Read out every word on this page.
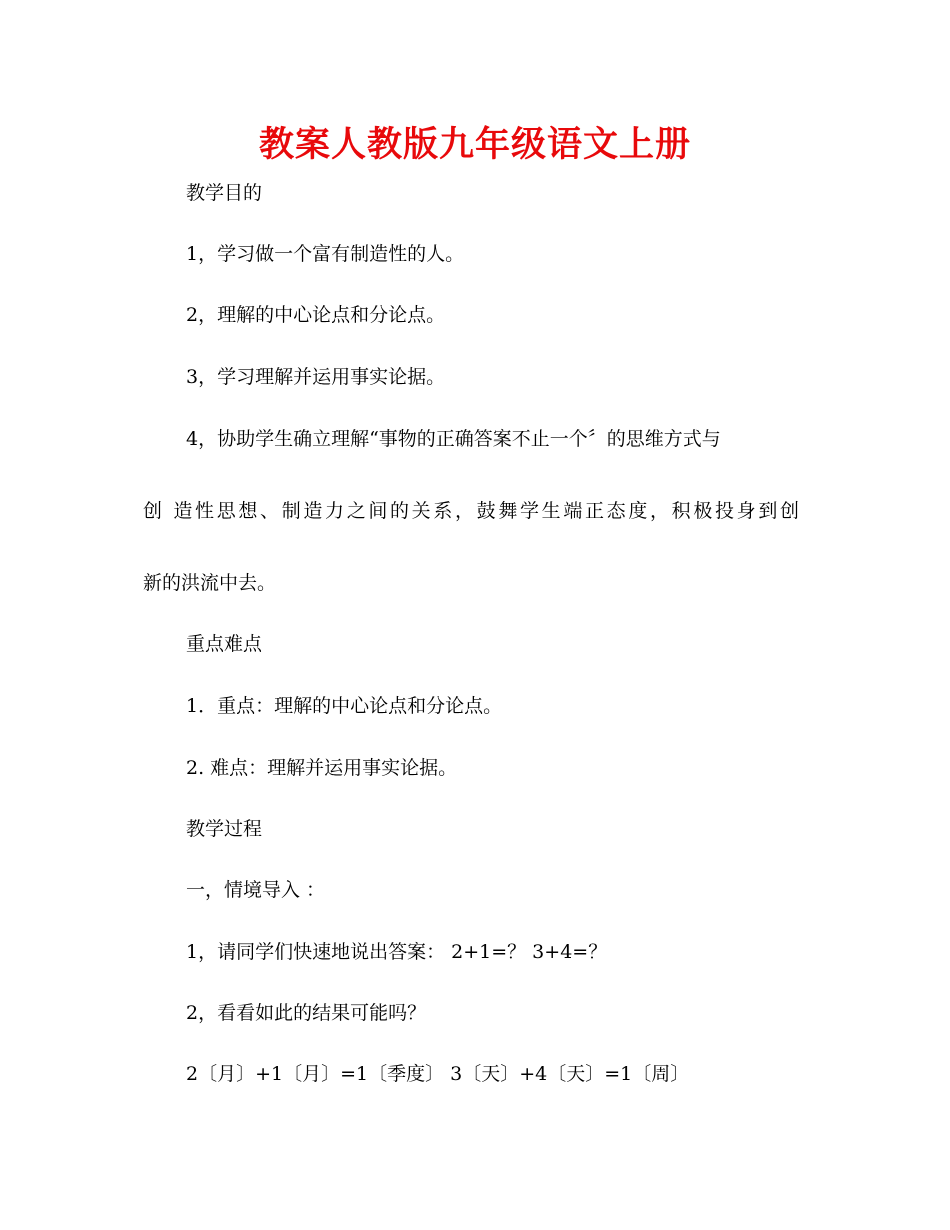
教案人教版九年级语文上册
教学目的
1，学习做一个富有制造性的人。
2，理解的中心论点和分论点。
3，学习理解并运用事实论据。
4，协助学生确立理解“事物的正确答案不止一个〞的思维方式与
创 造性思想、制造力之间的关系，鼓舞学生端正态度，积极投身到创
新的洪流中去。
重点难点
1．重点：理解的中心论点和分论点。
2. 难点：理解并运用事实论据。
教学过程
一，情境导入 ：
1，请同学们快速地说出答案： 2+1=？ 3+4=？
2，看看如此的结果可能吗？
2〔月〕+1〔月〕=1〔季度〕 3〔天〕+4〔天〕=1〔周〕
